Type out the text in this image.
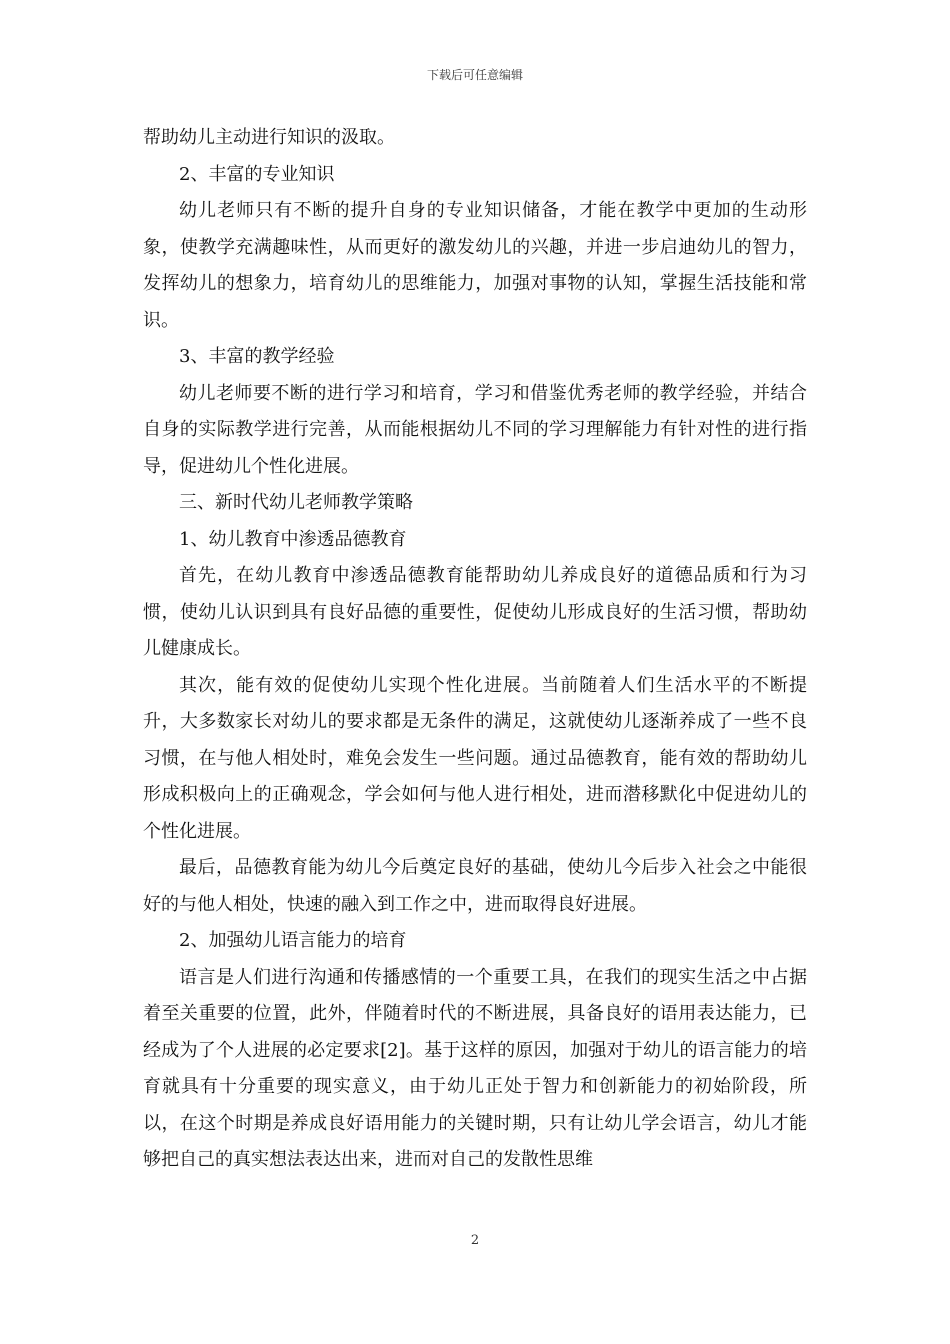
下载后可任意编辑

帮助幼儿主动进行知识的汲取。

2、丰富的专业知识

幼儿老师只有不断的提升自身的专业知识储备，才能在教学中更加的生动形象，使教学充满趣味性，从而更好的激发幼儿的兴趣，并进一步启迪幼儿的智力，发挥幼儿的想象力，培育幼儿的思维能力，加强对事物的认知，掌握生活技能和常识。

3、丰富的教学经验

幼儿老师要不断的进行学习和培育，学习和借鉴优秀老师的教学经验，并结合自身的实际教学进行完善，从而能根据幼儿不同的学习理解能力有针对性的进行指导，促进幼儿个性化进展。

三、新时代幼儿老师教学策略

1、幼儿教育中渗透品德教育

首先，在幼儿教育中渗透品德教育能帮助幼儿养成良好的道德品质和行为习惯，使幼儿认识到具有良好品德的重要性，促使幼儿形成良好的生活习惯，帮助幼儿健康成长。

其次，能有效的促使幼儿实现个性化进展。当前随着人们生活水平的不断提升，大多数家长对幼儿的要求都是无条件的满足，这就使幼儿逐渐养成了一些不良习惯，在与他人相处时，难免会发生一些问题。通过品德教育，能有效的帮助幼儿形成积极向上的正确观念，学会如何与他人进行相处，进而潜移默化中促进幼儿的个性化进展。

最后，品德教育能为幼儿今后奠定良好的基础，使幼儿今后步入社会之中能很好的与他人相处，快速的融入到工作之中，进而取得良好进展。

2、加强幼儿语言能力的培育

语言是人们进行沟通和传播感情的一个重要工具，在我们的现实生活之中占据着至关重要的位置，此外，伴随着时代的不断进展，具备良好的语用表达能力，已经成为了个人进展的必定要求[2]。基于这样的原因，加强对于幼儿的语言能力的培育就具有十分重要的现实意义，由于幼儿正处于智力和创新能力的初始阶段，所以，在这个时期是养成良好语用能力的关键时期，只有让幼儿学会语言，幼儿才能够把自己的真实想法表达出来，进而对自己的发散性思维

2
